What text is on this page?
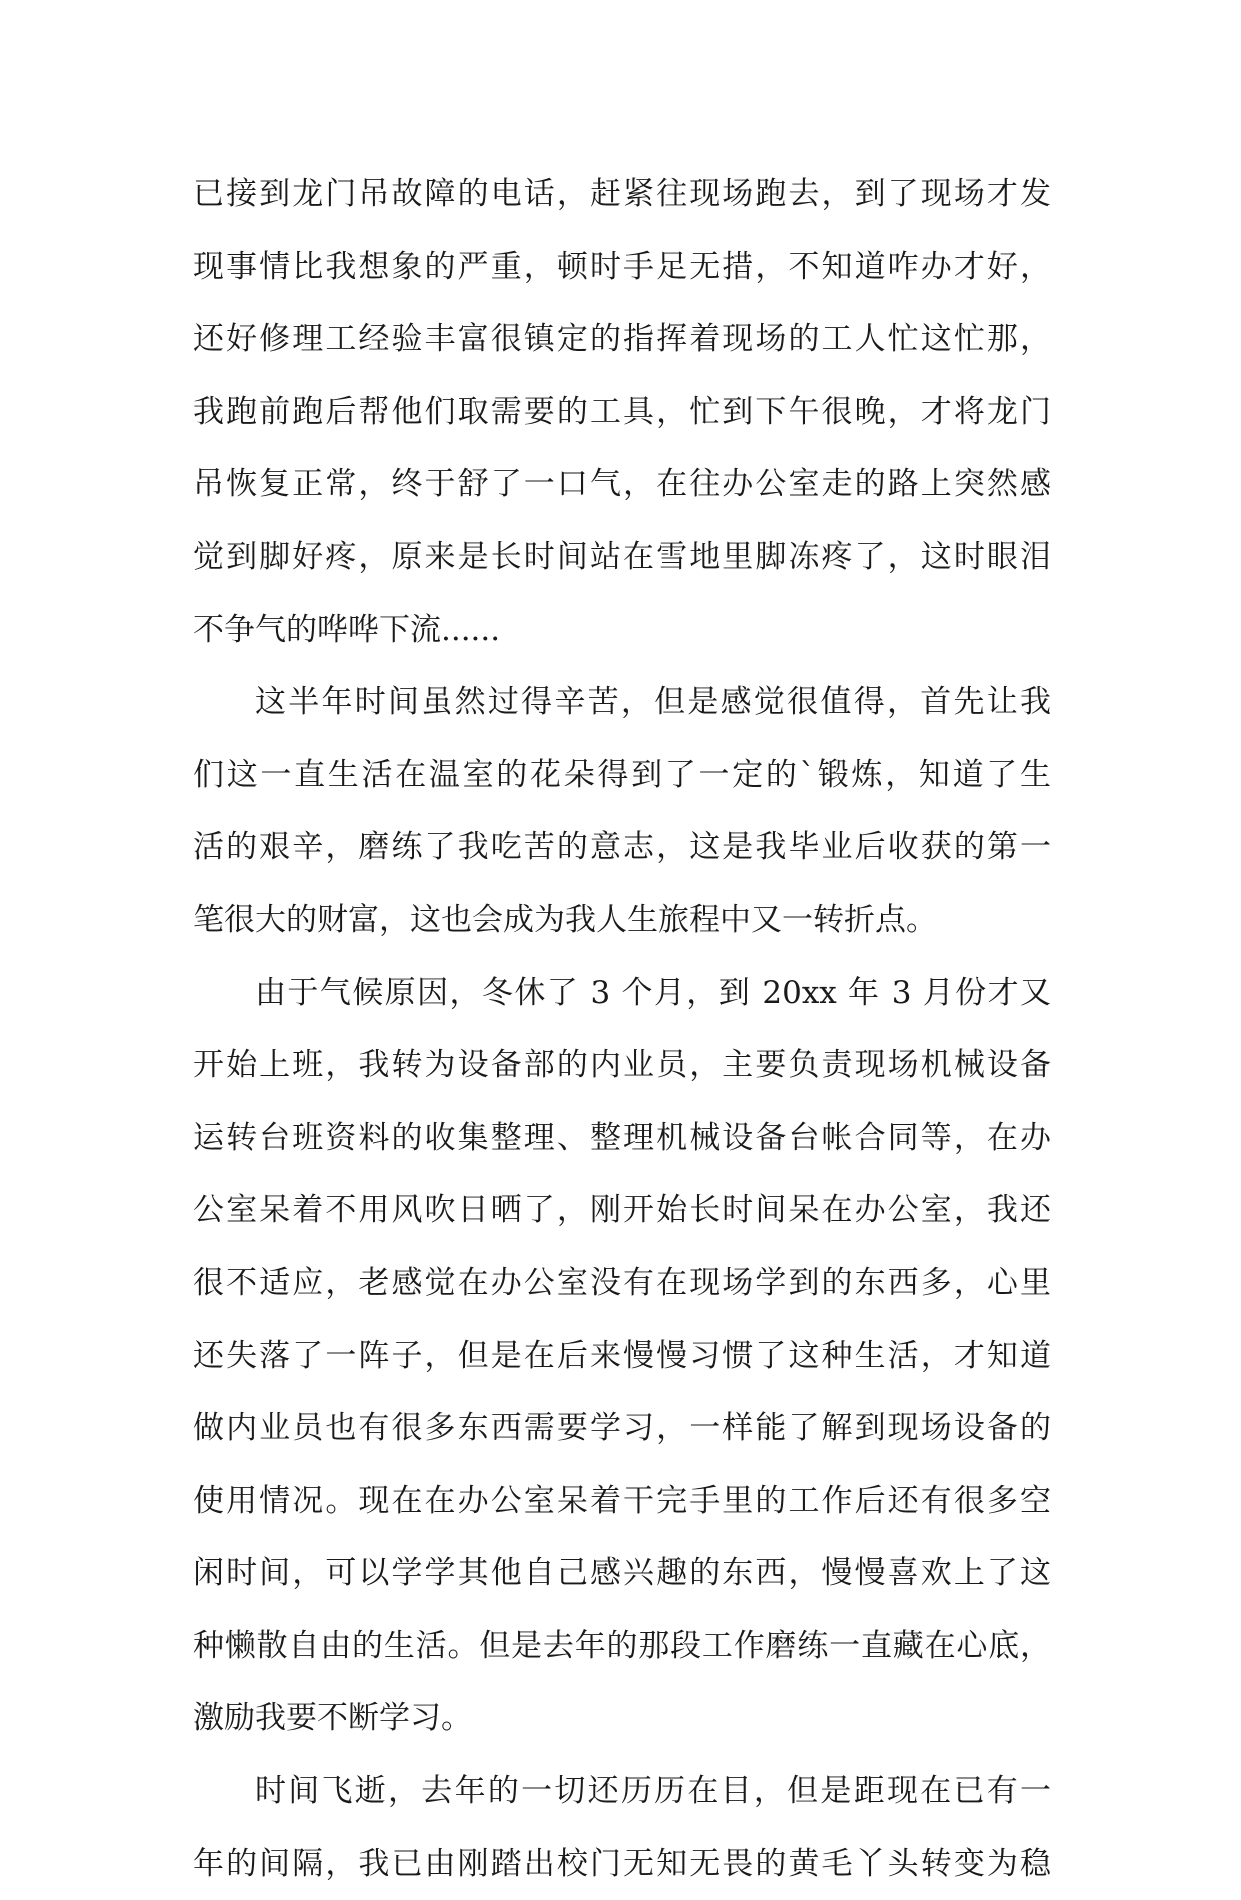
已接到龙门吊故障的电话，赶紧往现场跑去，到了现场才发
现事情比我想象的严重，顿时手足无措，不知道咋办才好，
还好修理工经验丰富很镇定的指挥着现场的工人忙这忙那，
我跑前跑后帮他们取需要的工具，忙到下午很晚，才将龙门
吊恢复正常，终于舒了一口气，在往办公室走的路上突然感
觉到脚好疼，原来是长时间站在雪地里脚冻疼了，这时眼泪
不争气的哗哗下流......
这半年时间虽然过得辛苦，但是感觉很值得，首先让我
们这一直生活在温室的花朵得到了一定的`锻炼，知道了生
活的艰辛，磨练了我吃苦的意志，这是我毕业后收获的第一
笔很大的财富，这也会成为我人生旅程中又一转折点。
由于气候原因，冬休了 3 个月，到 20xx 年 3 月份才又
开始上班，我转为设备部的内业员，主要负责现场机械设备
运转台班资料的收集整理、整理机械设备台帐合同等，在办
公室呆着不用风吹日晒了，刚开始长时间呆在办公室，我还
很不适应，老感觉在办公室没有在现场学到的东西多，心里
还失落了一阵子，但是在后来慢慢习惯了这种生活，才知道
做内业员也有很多东西需要学习，一样能了解到现场设备的
使用情况。现在在办公室呆着干完手里的工作后还有很多空
闲时间，可以学学其他自己感兴趣的东西，慢慢喜欢上了这
种懒散自由的生活。但是去年的那段工作磨练一直藏在心底，
激励我要不断学习。
时间飞逝，去年的一切还历历在目，但是距现在已有一
年的间隔，我已由刚踏出校门无知无畏的黄毛丫头转变为稳
